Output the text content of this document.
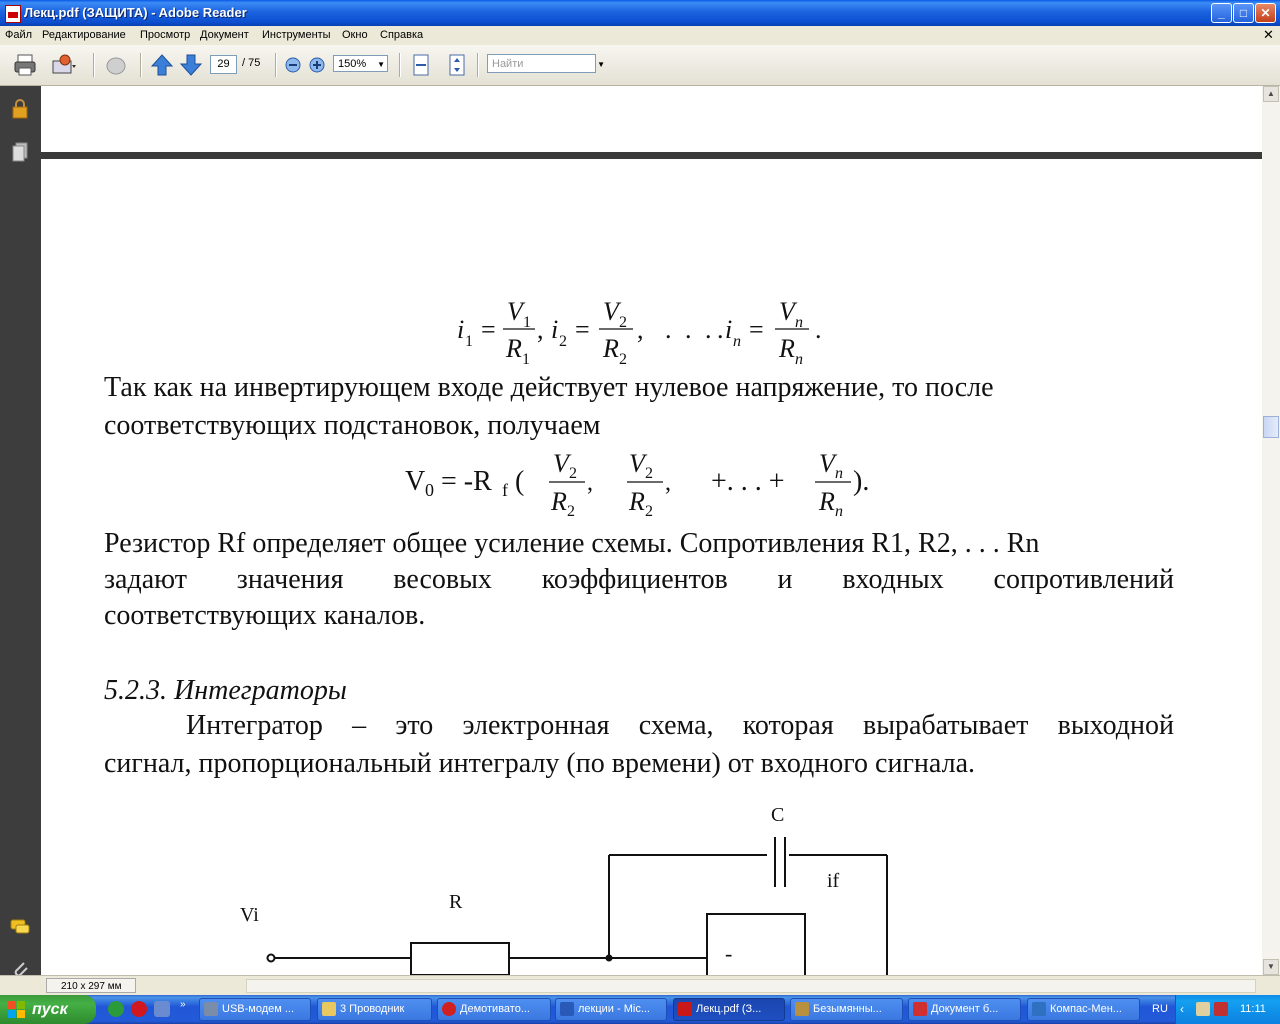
Лекц.pdf (ЗАЩИТА) - Adobe Reader	_	□	✕
Файл Редактирование Просмотр Документ Инструменты Окно Справка	✕
29	/ 75	150% ▼	Найти	▼
i 1 =
V 1
R 1
, i 2 =
V 2
R 2
, . . . . i n =
V n
R n
.
Так как на инвертирующем входе действует нулевое напряжение, то после
соответствующих подстановок, получаем
V 0 = -R f (
V 2
R 2
V 2
R 2
V n
R n
,	, +. . . + ).
Резистор Rf определяет общее усиление схемы. Сопротивления R1, R2, . . . Rn
задают значения весовых коэффициентов и входных сопротивлений
соответствующих каналов.
5.2.3. Интеграторы
Интегратор – это электронная схема, которая вырабатывает выходной
сигнал, пропорциональный интегралу (по времени) от входного сигнала.
C
R
Vi
if
-
▲
▼
210 x 297 мм
пуск	»	USB-модем ...	3 Проводник	Демотивато...	лекции - Mic...	Лекц.pdf (З...	Безымянны...	Документ б...	Компас-Мен...	RU ‹	11:11
